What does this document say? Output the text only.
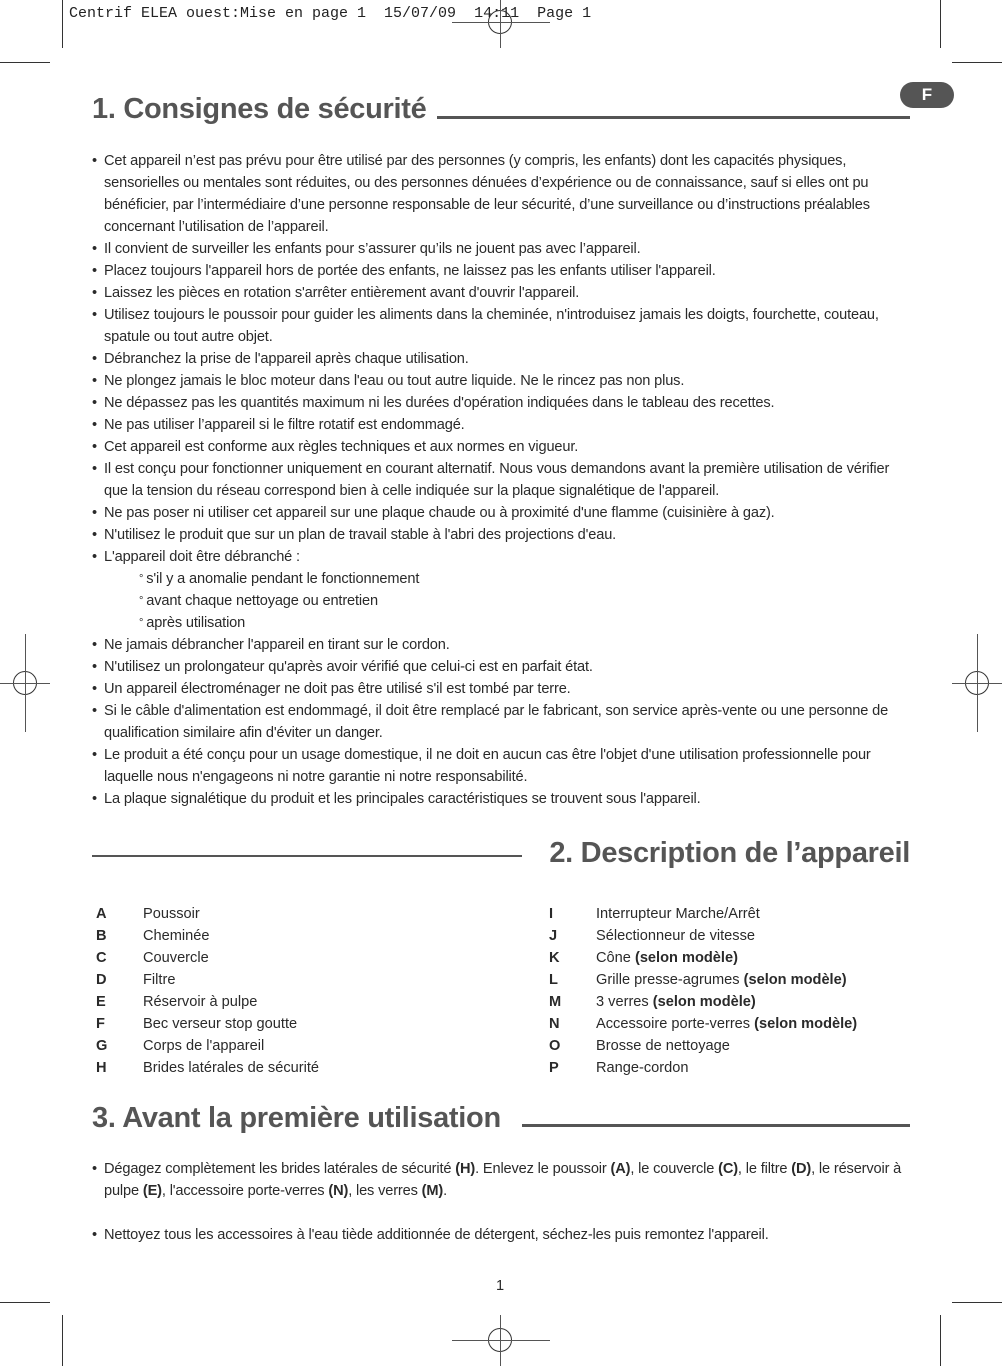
Centrif ELEA ouest:Mise en page 1  15/07/09  14:11  Page 1
F
1. Consignes de sécurité
• Cet appareil n’est pas prévu pour être utilisé par des personnes (y compris, les enfants) dont les capacités physiques, sensorielles ou mentales sont réduites, ou des personnes dénuées d’expérience ou de connaissance, sauf si elles ont pu bénéficier, par l’intermédiaire d’une personne responsable de leur sécurité, d’une surveillance ou d’instructions préalables concernant l’utilisation de l’appareil.
• Il convient de surveiller les enfants pour s’assurer qu’ils ne jouent pas avec l’appareil.
• Placez toujours l'appareil hors de portée des enfants, ne laissez pas les enfants utiliser l'appareil.
• Laissez les pièces en rotation s'arrêter entièrement avant d'ouvrir l'appareil.
• Utilisez toujours le poussoir pour guider les aliments dans la cheminée, n'introduisez jamais les doigts, fourchette, couteau, spatule ou tout autre objet.
• Débranchez la prise de l'appareil après chaque utilisation.
• Ne plongez jamais le bloc moteur dans l'eau ou tout autre liquide. Ne le rincez pas non plus.
• Ne dépassez pas les quantités maximum ni les durées d'opération indiquées dans le tableau des recettes.
• Ne pas utiliser l’appareil si le filtre rotatif est endommagé.
• Cet appareil est conforme aux règles techniques et aux normes en vigueur.
• Il est conçu pour fonctionner uniquement en courant alternatif. Nous vous demandons avant la première utilisation de vérifier que la tension du réseau correspond bien à celle indiquée sur la plaque signalétique de l'appareil.
• Ne pas poser ni utiliser cet appareil sur une plaque chaude ou à proximité d'une flamme (cuisinière à gaz).
• N'utilisez le produit que sur un plan de travail stable à l'abri des projections d'eau.
• L'appareil doit être débranché :
° s'il y a anomalie pendant le fonctionnement
° avant chaque nettoyage ou entretien
° après utilisation
• Ne jamais débrancher l'appareil en tirant sur le cordon.
• N'utilisez un prolongateur qu'après avoir vérifié que celui-ci est en parfait état.
• Un appareil électroménager ne doit pas être utilisé s'il est tombé par terre.
• Si le câble d'alimentation est endommagé, il doit être remplacé par le fabricant, son service après-vente ou une personne de qualification similaire afin d'éviter un danger.
• Le produit a été conçu pour un usage domestique, il ne doit en aucun cas être l'objet d'une utilisation professionnelle pour laquelle nous n'engageons ni notre garantie ni notre responsabilité.
• La plaque signalétique du produit et les principales caractéristiques se trouvent sous l'appareil.
2. Description de l’appareil
A	Poussoir
B	Cheminée
C	Couvercle
D	Filtre
E	Réservoir à pulpe
F	Bec verseur stop goutte
G	Corps de l'appareil
H	Brides latérales de sécurité
I	Interrupteur Marche/Arrêt
J	Sélectionneur de vitesse
K	Cône (selon modèle)
L	Grille presse-agrumes (selon modèle)
M	3 verres (selon modèle)
N	Accessoire porte-verres (selon modèle)
O	Brosse de nettoyage
P	Range-cordon
3. Avant la première utilisation
• Dégagez complètement les brides latérales de sécurité (H). Enlevez le poussoir (A), le couvercle (C), le filtre (D), le réservoir à pulpe (E), l'accessoire porte-verres (N), les verres (M).
• Nettoyez tous les accessoires à l'eau tiède additionnée de détergent, séchez-les puis remontez l'appareil.
1
